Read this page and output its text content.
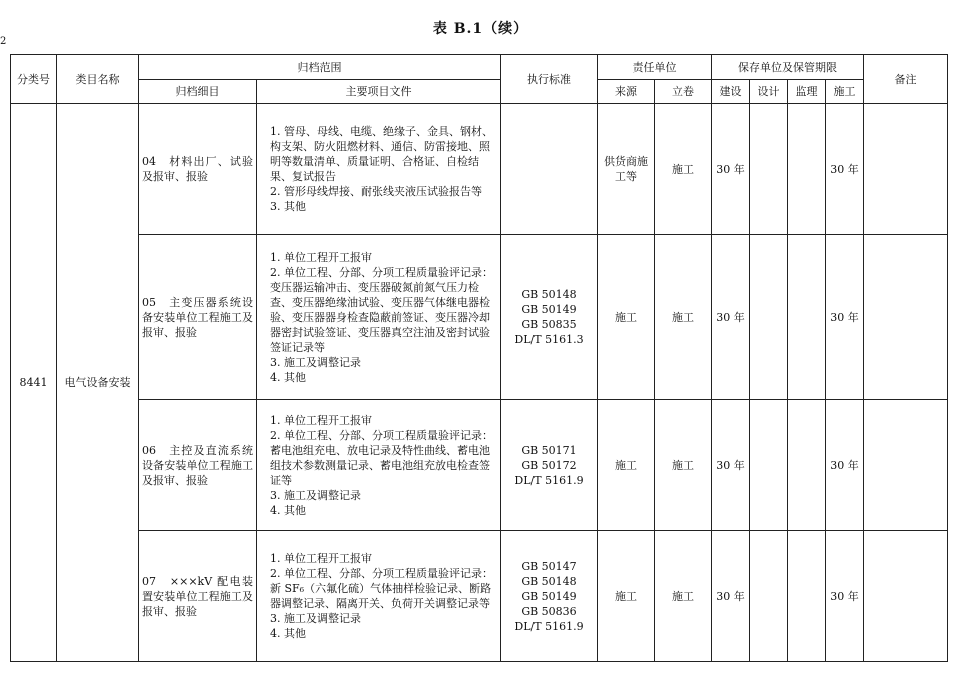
表 B.1（续）
2
分类号	类目名称	归档范围		执行标准	责任单位		保存单位及保管期限				备注
		归档细目	主要项目文件		来源	立卷	建设	设计	监理	施工	
8441	电气设备安装	04　材料出厂、试验及报审、报验	1. 管母、母线、电缆、绝缘子、金具、钢材、构支架、防火阻燃材料、通信、防雷接地、照明等数量清单、质量证明、合格证、自检结果、复试报告
2. 管形母线焊接、耐张线夹液压试验报告等
3. 其他		供货商施工等	施工	30 年			30 年	
		05　主变压器系统设备安装单位工程施工及报审、报验	1. 单位工程开工报审
2. 单位工程、分部、分项工程质量验评记录：变压器运输冲击、变压器破氮前氮气压力检查、变压器绝缘油试验、变压器气体继电器检验、变压器器身检查隐蔽前签证、变压器冷却器密封试验签证、变压器真空注油及密封试验签证记录等
3. 施工及调整记录
4. 其他	GB 50148
GB 50149
GB 50835
DL/T 5161.3	施工	施工	30 年			30 年	
		06　主控及直流系统设备安装单位工程施工及报审、报验	1. 单位工程开工报审
2. 单位工程、分部、分项工程质量验评记录：蓄电池组充电、放电记录及特性曲线、蓄电池组技术参数测量记录、蓄电池组充放电检查签证等
3. 施工及调整记录
4. 其他	GB 50171
GB 50172
DL/T 5161.9	施工	施工	30 年			30 年	
		07　×××kV 配电装置安装单位工程施工及报审、报验	1. 单位工程开工报审
2. 单位工程、分部、分项工程质量验评记录：新 SF₆（六氟化硫）气体抽样检验记录、断路器调整记录、隔离开关、负荷开关调整记录等
3. 施工及调整记录
4. 其他	GB 50147
GB 50148
GB 50149
GB 50836
DL/T 5161.9	施工	施工	30 年			30 年	
